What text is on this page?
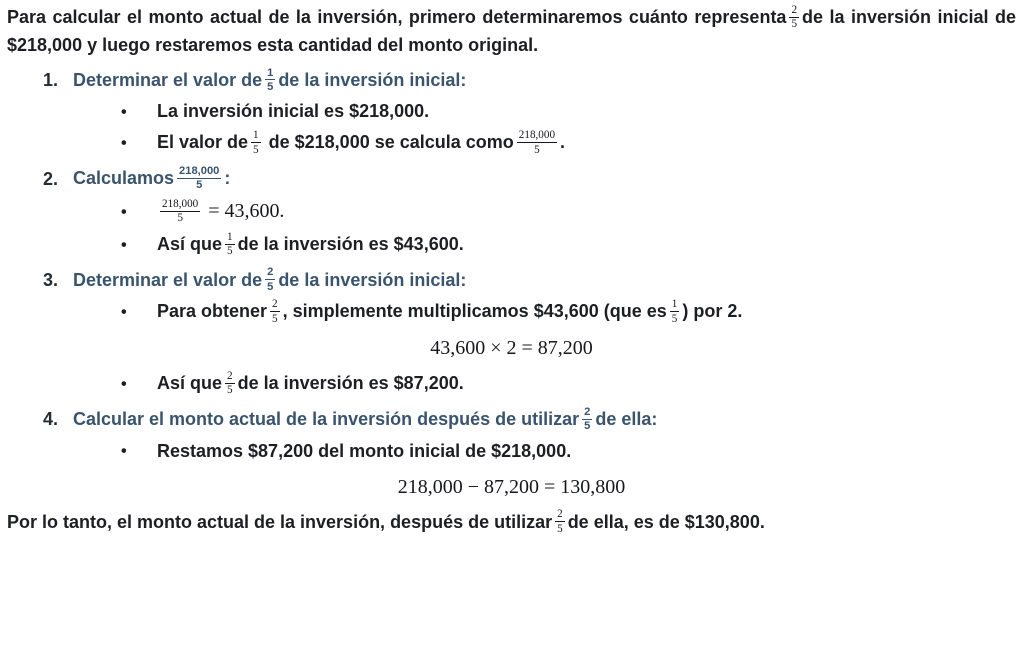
Para calcular el monto actual de la inversión, primero determinaremos cuánto representa $\frac{2}{5}$ de la inversión inicial de $218,000 y luego restaremos esta cantidad del monto original.

1. Determinar el valor de $\frac{1}{5}$ de la inversión inicial:
•	La inversión inicial es $218,000.
•	El valor de $\frac{1}{5}$ de $218,000 se calcula como $\frac{218,000}{5}$ .
2. Calculamos $\frac{218,000}{5}$ :
•	$\frac{218,000}{5} = 43,600$.
•	Así que $\frac{1}{5}$ de la inversión es $43,600.
3. Determinar el valor de $\frac{2}{5}$ de la inversión inicial:
•	Para obtener $\frac{2}{5}$ , simplemente multiplicamos $43,600 (que es $\frac{1}{5}$ ) por 2.
43,600 × 2 = 87,200
•	Así que $\frac{2}{5}$ de la inversión es $87,200.
4. Calcular el monto actual de la inversión después de utilizar $\frac{2}{5}$ de ella:
•	Restamos $87,200 del monto inicial de $218,000.
218,000 − 87,200 = 130,800

Por lo tanto, el monto actual de la inversión, después de utilizar $\frac{2}{5}$ de ella, es de $130,800.
